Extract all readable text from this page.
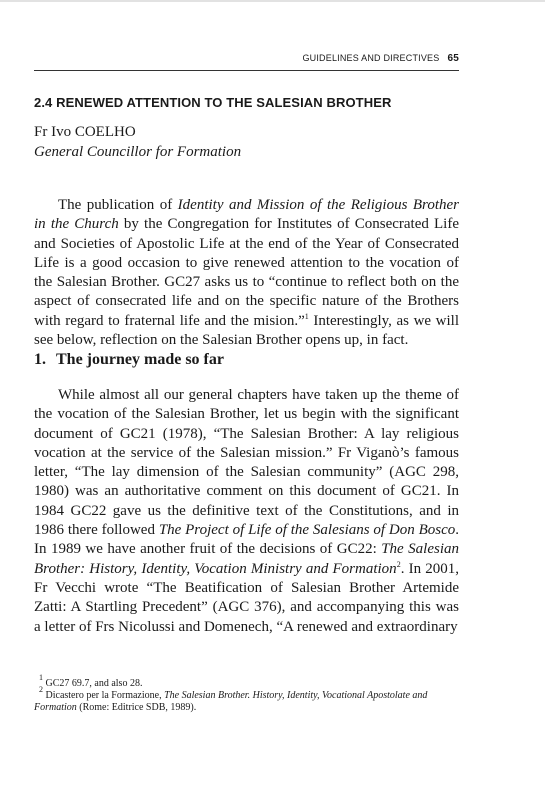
GUIDELINES AND DIRECTIVES 65
2.4 RENEWED ATTENTION TO THE SALESIAN BROTHER
Fr Ivo COELHO
General Councillor for Formation

The publication of Identity and Mission of the Religious Brother in the Church by the Congregation for Institutes of Consecrated Life and Societies of Apostolic Life at the end of the Year of Consecrated Life is a good occasion to give renewed attention to the vocation of the Salesian Brother. GC27 asks us to “continue to reflect both on the aspect of consecrated life and on the specific nature of the Brothers with regard to fraternal life and the mision.”$^1$ Interestingly, as we will see below, reflection on the Salesian Brother opens up, in fact.

1. The journey made so far

While almost all our general chapters have taken up the theme of the vocation of the Salesian Brother, let us begin with the significant document of GC21 (1978), “The Salesian Brother: A lay religious vocation at the service of the Salesian mission.” Fr Viganò’s famous letter, “The lay dimension of the Salesian community” (AGC 298, 1980) was an authoritative comment on this document of GC21. In 1984 GC22 gave us the definitive text of the Constitutions, and in 1986 there followed The Project of Life of the Salesians of Don Bosco. In 1989 we have another fruit of the decisions of GC22: The Salesian Brother: History, Identity, Vocation Ministry and Formation$^2$. In 2001, Fr Vecchi wrote “The Beatification of Salesian Brother Artemide Zatti: A Startling Precedent” (AGC 376), and accompanying this was a letter of Frs Nicolussi and Domenech, “A renewed and extraordinary

$^1$ GC27 69.7, and also 28.

$^2$ Dicastero per la Formazione, The Salesian Brother. History, Identity, Vocational Apostolate and Formation (Rome: Editrice SDB, 1989).
